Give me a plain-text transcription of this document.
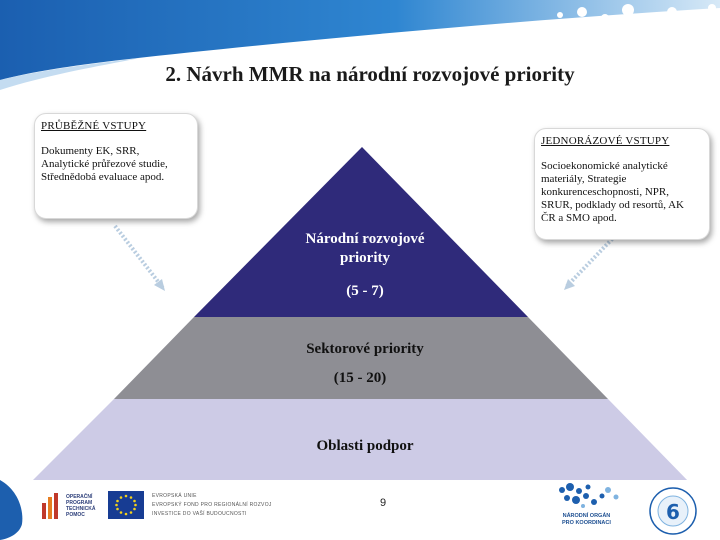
2. Návrh MMR na národní rozvojové priority
Národní rozvojové
priority
(5 - 7)
Sektorové priority
(15 - 20)
Oblasti podpor
PRŮBĚŽNÉ VSTUPY
Dokumenty EK, SRR,
Analytické průřezové studie,
Střednědobá evaluace apod.
JEDNORÁZOVÉ VSTUPY
Socioekonomické analytické
materiály, Strategie
konkurenceschopnosti, NPR,
SRUR, podklady od resortů, AK
ČR a SMO apod.
OPERAČNÍ
PROGRAM
TECHNICKÁ
POMOC
EVROPSKÁ UNIE
EVROPSKÝ FOND PRO REGIONÁLNÍ ROZVOJ
INVESTICE DO VAŠÍ BUDOUCNOSTI
9
NÁRODNÍ ORGÁN
PRO KOORDINACI	6
